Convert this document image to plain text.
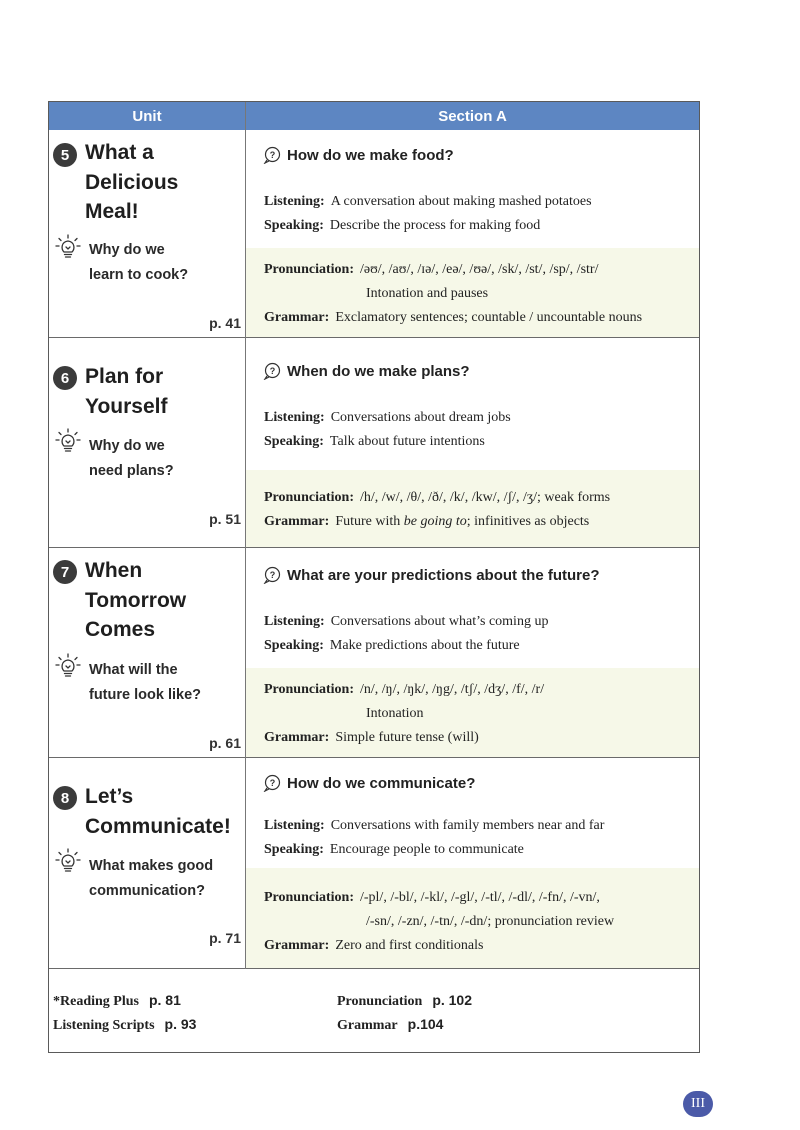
Unit	Section A
5 What a
Delicious
Meal!
Why do we
learn to cook?
p. 41
? How do we make food?
Listening: A conversation about making mashed potatoes
Speaking: Describe the process for making food
Pronunciation: /əʊ/, /aʊ/, /ɪə/, /eə/, /ʊə/, /sk/, /st/, /sp/, /str/
Intonation and pauses
Grammar: Exclamatory sentences; countable / uncountable nouns
6 Plan for
Yourself
Why do we
need plans?
p. 51
? When do we make plans?
Listening: Conversations about dream jobs
Speaking: Talk about future intentions
Pronunciation: /h/, /w/, /θ/, /ð/, /k/, /kw/, /ʃ/, /ʒ/; weak forms
Grammar: Future with be going to; infinitives as objects
7 When
Tomorrow
Comes
What will the
future look like?
p. 61
? What are your predictions about the future?
Listening: Conversations about what’s coming up
Speaking: Make predictions about the future
Pronunciation: /n/, /ŋ/, /ŋk/, /ŋg/, /tʃ/, /dʒ/, /f/, /r/
Intonation
Grammar: Simple future tense (will)
8 Let’s
Communicate!
What makes good
communication?
p. 71
? How do we communicate?
Listening: Conversations with family members near and far
Speaking: Encourage people to communicate
Pronunciation: /-pl/, /-bl/, /-kl/, /-gl/, /-tl/, /-dl/, /-fn/, /-vn/,
/-sn/, /-zn/, /-tn/, /-dn/; pronunciation review
Grammar: Zero and first conditionals
*Reading Plus p. 81
Listening Scripts p. 93
Pronunciation p. 102
Grammar p.104
III
